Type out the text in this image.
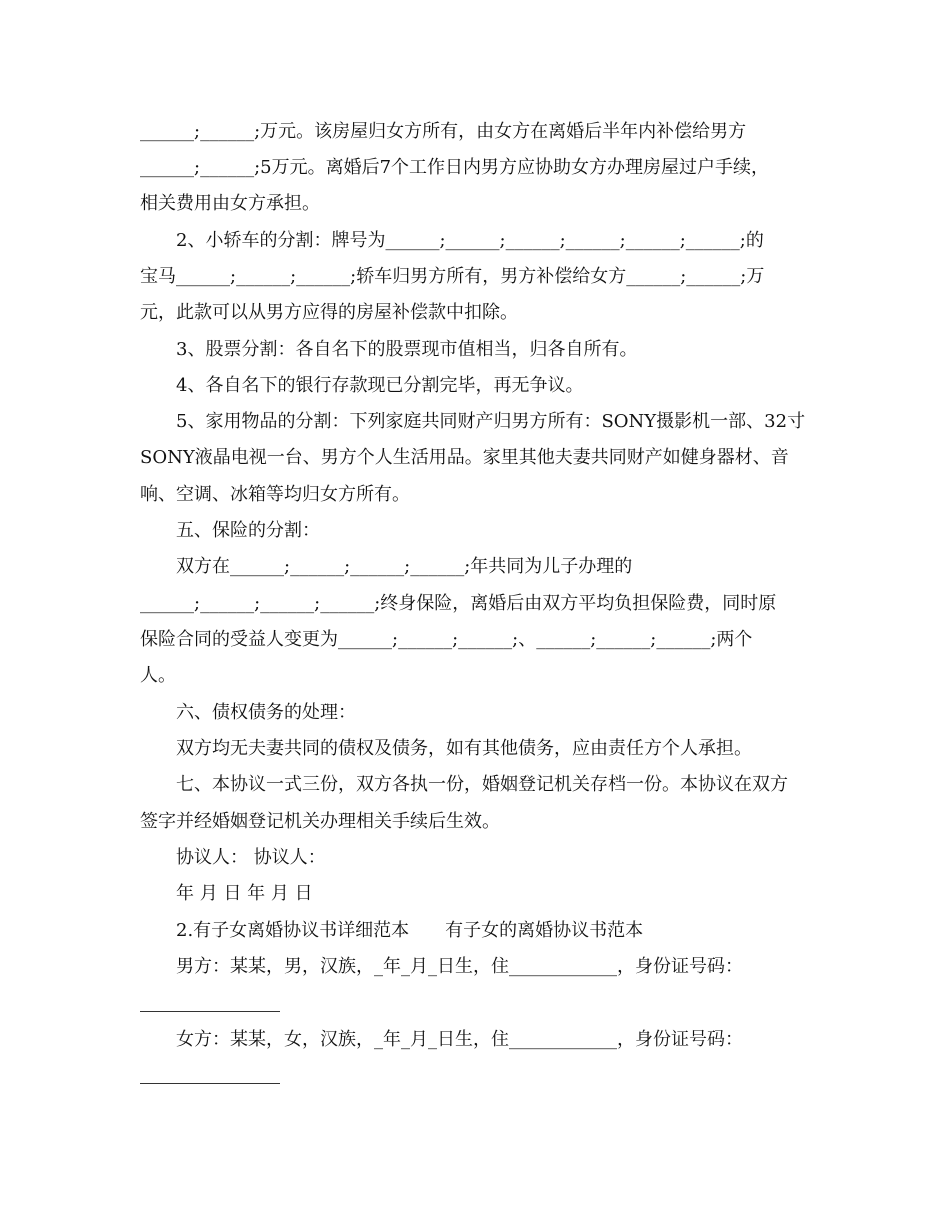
______;______;万元。该房屋归女方所有，由女方在离婚后半年内补偿给男方
______;______;5万元。离婚后7个工作日内男方应协助女方办理房屋过户手续，
相关费用由女方承担。
2、小轿车的分割：牌号为______;______;______;______;______;______;的
宝马______;______;______;轿车归男方所有，男方补偿给女方______;______;万
元，此款可以从男方应得的房屋补偿款中扣除。
3、股票分割：各自名下的股票现市值相当，归各自所有。
4、各自名下的银行存款现已分割完毕，再无争议。
5、家用物品的分割：下列家庭共同财产归男方所有：SONY摄影机一部、32寸
SONY液晶电视一台、男方个人生活用品。家里其他夫妻共同财产如健身器材、音
响、空调、冰箱等均归女方所有。
五、保险的分割：
双方在______;______;______;______;年共同为儿子办理的
______;______;______;______;终身保险，离婚后由双方平均负担保险费，同时原
保险合同的受益人变更为______;______;______;、______;______;______;两个
人。
六、债权债务的处理：
双方均无夫妻共同的债权及债务，如有其他债务，应由责任方个人承担。
七、本协议一式三份，双方各执一份，婚姻登记机关存档一份。本协议在双方
签字并经婚姻登记机关办理相关手续后生效。
协议人： 协议人：
年 月 日 年 月 日
2.有子女离婚协议书详细范本　　有子女的离婚协议书范本
男方：某某，男，汉族，_年_月_日生，住____________，身份证号码：
女方：某某，女，汉族，_年_月_日生，住____________，身份证号码：
